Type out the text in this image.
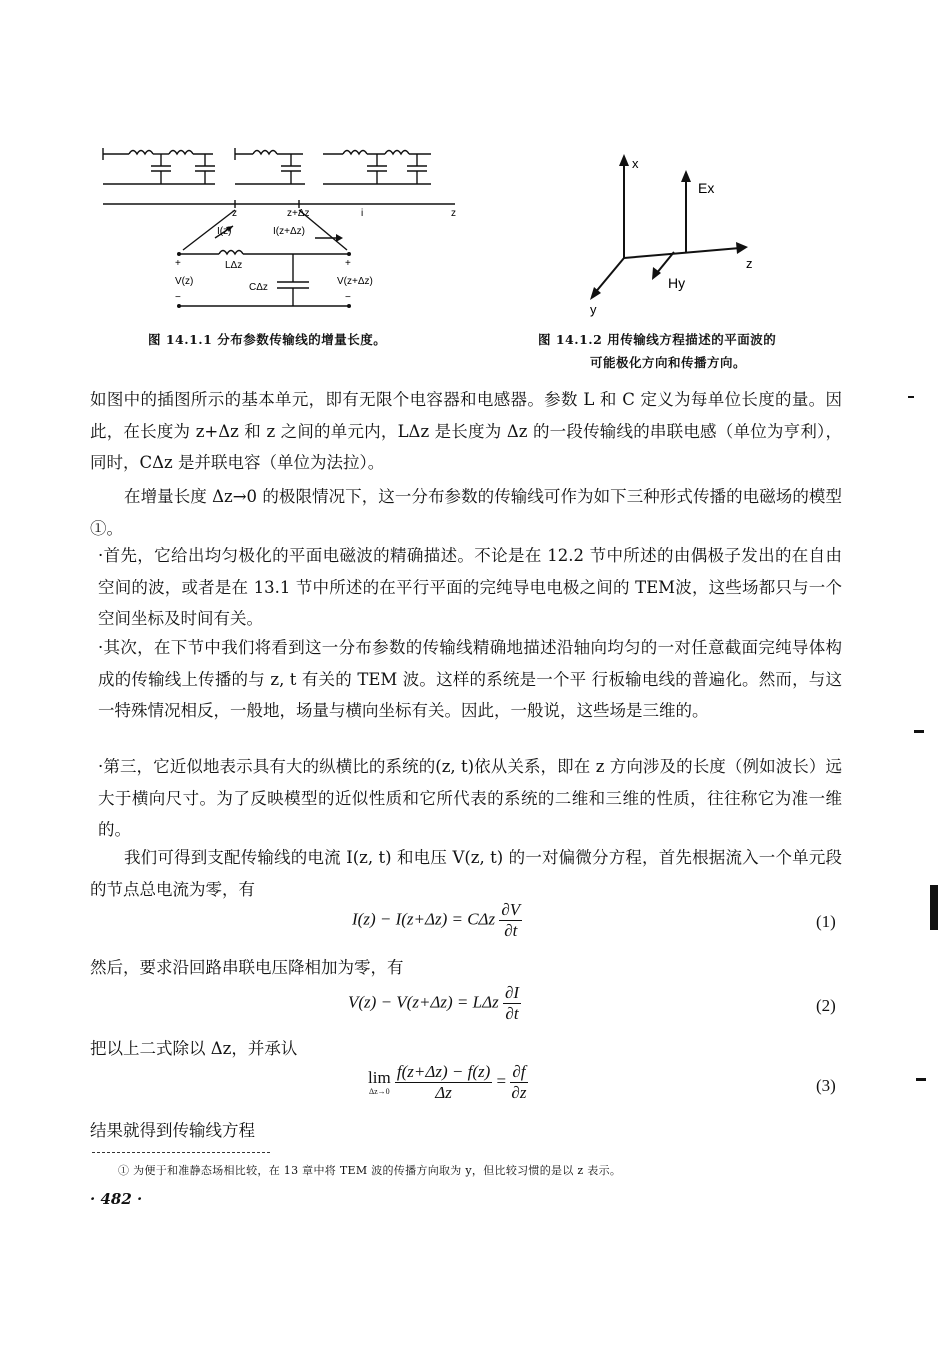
z	z+Δz	i	z
I(z)	I(z+Δz)
LΔz
CΔz
V(z)	V(z+Δz)
+	+
−	−
图 14.1.1 分布参数传输线的增量长度。
x
Ex
z
y
Hy
图 14.1.2 用传输线方程描述的平面波的
可能极化方向和传播方向。
如图中的插图所示的基本单元，即有无限个电容器和电感器。参数 L 和 C 定义为每单位长度的量。因此，在长度为 z+Δz 和 z 之间的单元内，LΔz 是长度为 Δz 的一段传输线的串联电感（单位为亨利），同时，CΔz 是并联电容（单位为法拉）。
在增量长度 Δz→0 的极限情况下，这一分布参数的传输线可作为如下三种形式传播的电磁场的模型①。
·首先，它给出均匀极化的平面电磁波的精确描述。不论是在 12.2 节中所述的由偶极子发出的在自由空间的波，或者是在 13.1 节中所述的在平行平面的完纯导电电极之间的 TEM波，这些场都只与一个空间坐标及时间有关。
·其次，在下节中我们将看到这一分布参数的传输线精确地描述沿轴向均匀的一对任意截面完纯导体构成的传输线上传播的与 z, t 有关的 TEM 波。这样的系统是一个平 行板输电线的普遍化。然而，与这一特殊情况相反，一般地，场量与横向坐标有关。因此，一般说，这些场是三维的。
·第三，它近似地表示具有大的纵横比的系统的(z, t)依从关系，即在 z 方向涉及的长度（例如波长）远大于横向尺寸。为了反映模型的近似性质和它所代表的系统的二维和三维的性质，往往称它为准一维的。
我们可得到支配传输线的电流 I(z, t) 和电压 V(z, t) 的一对偏微分方程，首先根据流入一个单元段的节点总电流为零，有
I(z) − I(z+Δz) = CΔz $\frac{\partial V}{\partial t}$	(1)
然后，要求沿回路串联电压降相加为零，有
V(z) − V(z+Δz) = LΔz $\frac{\partial I}{\partial t}$	(2)
把以上二式除以 Δz，并承认
lim
Δz→0
$\frac{f(z+\Delta z) - f(z)}{\Delta z} = \frac{\partial f}{\partial z}$	(3)
结果就得到传输线方程
① 为便于和准静态场相比较，在 13 章中将 TEM 波的传播方向取为 y，但比较习惯的是以 z 表示。
· 482 ·
